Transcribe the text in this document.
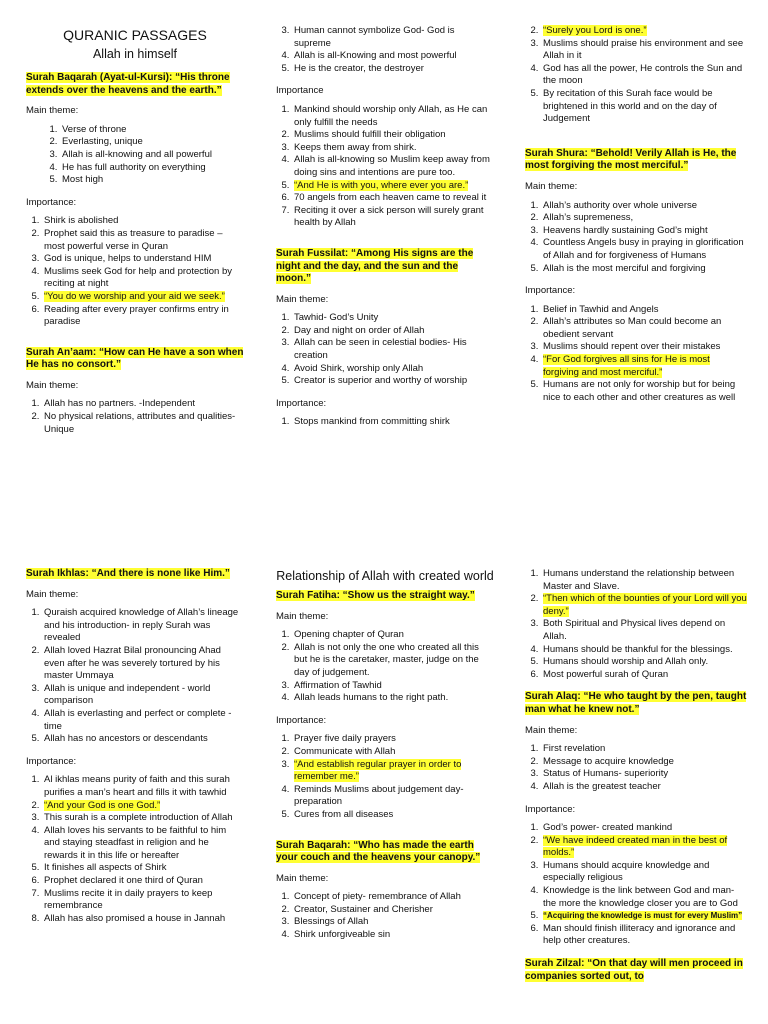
QURANIC PASSAGES
Allah in himself
Surah Baqarah (Ayat-ul-Kursi): “His throne extends over the heavens and the earth.”
Main theme:
1. Verse of throne
2. Everlasting, unique
3. Allah is all-knowing and all powerful
4. He has full authority on everything
5. Most high
Importance:
1. Shirk is abolished
2. Prophet said this as treasure to paradise – most powerful verse in Quran
3. God is unique, helps to understand HIM
4. Muslims seek God for help and protection by reciting at night
5. “You do we worship and your aid we seek.”
6. Reading after every prayer confirms entry in paradise
Surah An’aam: “How can He have a son when He has no consort.”
Main theme:
1. Allah has no partners. -Independent
2. No physical relations, attributes and qualities- Unique
3. Human cannot symbolize God- God is supreme
4. Allah is all-Knowing and most powerful
5. He is the creator, the destroyer
Importance
1. Mankind should worship only Allah, as He can only fulfill the needs
2. Muslims should fulfill their obligation
3. Keeps them away from shirk.
4. Allah is all-knowing so Muslim keep away from doing sins and intentions are pure too.
5. “And He is with you, where ever you are.”
6. 70 angels from each heaven came to reveal it
7. Reciting it over a sick person will surely grant health by Allah
Surah Fussilat: “Among His signs are the night and the day, and the sun and the moon.”
Main theme:
1. Tawhid- God’s Unity
2. Day and night on order of Allah
3. Allah can be seen in celestial bodies- His creation
4. Avoid Shirk, worship only Allah
5. Creator is superior and worthy of worship
Importance:
1. Stops mankind from committing shirk
2. “Surely you Lord is one.”
3. Muslims should praise his environment and see Allah in it
4. God has all the power, He controls the Sun and the moon
5. By recitation of this Surah face would be brightened in this world and on the day of Judgement
Surah Shura: “Behold! Verily Allah is He, the most forgiving the most merciful.”
Main theme:
1. Allah’s authority over whole universe
2. Allah’s supremeness,
3. Heavens hardly sustaining God’s might
4. Countless Angels busy in praying in glorification of Allah and for forgiveness of Humans
5. Allah is the most merciful and forgiving
Importance:
1. Belief in Tawhid and Angels
2. Allah’s attributes so Man could become an obedient servant
3. Muslims should repent over their mistakes
4. “For God forgives all sins for He is most forgiving and most merciful.”
5. Humans are not only for worship but for being nice to each other and other creatures as well
Surah Ikhlas: “And there is none like Him.”
Main theme:
1. Quraish acquired knowledge of Allah’s lineage and his introduction- in reply Surah was revealed
2. Allah loved Hazrat Bilal pronouncing Ahad even after he was severely tortured by his master Ummaya
3. Allah is unique and independent - world comparison
4. Allah is everlasting and perfect or complete -time
5. Allah has no ancestors or descendants
Importance:
1. Al ikhlas means purity of faith and this surah purifies a man’s heart and fills it with tawhid
2. “And your God is one God.”
3. This surah is a complete introduction of Allah
4. Allah loves his servants to be faithful to him and staying steadfast in religion and he rewards it in this life or hereafter
5. It finishes all aspects of Shirk
6. Prophet declared it one third of Quran
7. Muslims recite it in daily prayers to keep remembrance
8. Allah has also promised a house in Jannah
Relationship of Allah with created world
Surah Fatiha: “Show us the straight way.”
Main theme:
1. Opening chapter of Quran
2. Allah is not only the one who created all this but he is the caretaker, master, judge on the day of judgement.
3. Affirmation of Tawhid
4. Allah leads humans to the right path.
Importance:
1. Prayer five daily prayers
2. Communicate with Allah
3. “And establish regular prayer in order to remember me.”
4. Reminds Muslims about judgement day- preparation
5. Cures from all diseases
Surah Baqarah: “Who has made the earth your couch and the heavens your canopy.”
Main theme:
1. Concept of piety- remembrance of Allah
2. Creator, Sustainer and Cherisher
3. Blessings of Allah
4. Shirk unforgiveable sin
1. Humans understand the relationship between Master and Slave.
2. “Then which of the bounties of your Lord will you deny.”
3. Both Spiritual and Physical lives depend on Allah.
4. Humans should be thankful for the blessings.
5. Humans should worship and Allah only.
6. Most powerful surah of Quran
Surah Alaq: “He who taught by the pen, taught man what he knew not.”
Main theme:
1. First revelation
2. Message to acquire knowledge
3. Status of Humans- superiority
4. Allah is the greatest teacher
Importance:
1. God’s power- created mankind
2. “We have indeed created man in the best of molds.”
3. Humans should acquire knowledge and especially religious
4. Knowledge is the link between God and man- the more the knowledge closer you are to God
5. “Acquiring the knowledge is must for every Muslim”
6. Man should finish illiteracy and ignorance and help other creatures.
Surah Zilzal: “On that day will men proceed in companies sorted out, to
